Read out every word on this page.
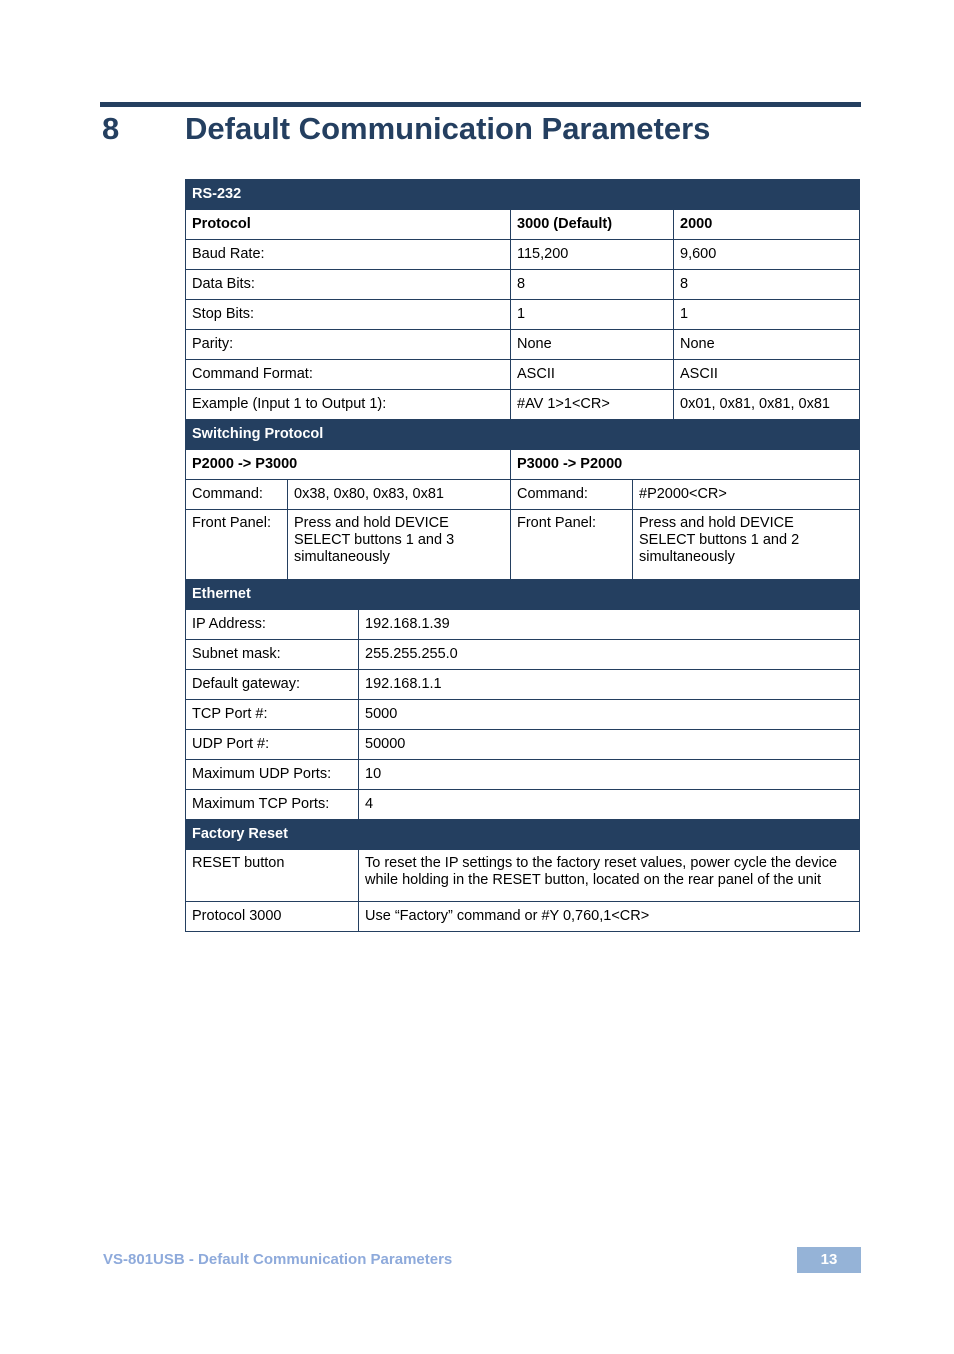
8 Default Communication Parameters
RS-232					
Protocol			3000 (Default)		2000
Baud Rate:			115,200		9,600
Data Bits:			8		8
Stop Bits:			1		1
Parity:			None		None
Command Format:			ASCII		ASCII
Example (Input 1 to Output 1):			#AV 1>1<CR>		0x01, 0x81, 0x81, 0x81
Switching Protocol					
P2000 -> P3000			P3000 -> P2000		
Command:	0x38, 0x80, 0x83, 0x81		Command:	#P2000<CR>	
Front Panel:	Press and hold DEVICE SELECT buttons 1 and 3 simultaneously		Front Panel:	Press and hold DEVICE SELECT buttons 1 and 2 simultaneously	
Ethernet					
IP Address:		192.168.1.39			
Subnet mask:		255.255.255.0			
Default gateway:		192.168.1.1			
TCP Port #:		5000			
UDP Port #:		50000			
Maximum UDP Ports:		10			
Maximum TCP Ports:		4			
Factory Reset					
RESET button		To reset the IP settings to the factory reset values, power cycle the device while holding in the RESET button, located on the rear panel of the unit			
Protocol 3000		Use “Factory” command or #Y 0,760,1<CR>			
VS-801USB - Default Communication Parameters	13
